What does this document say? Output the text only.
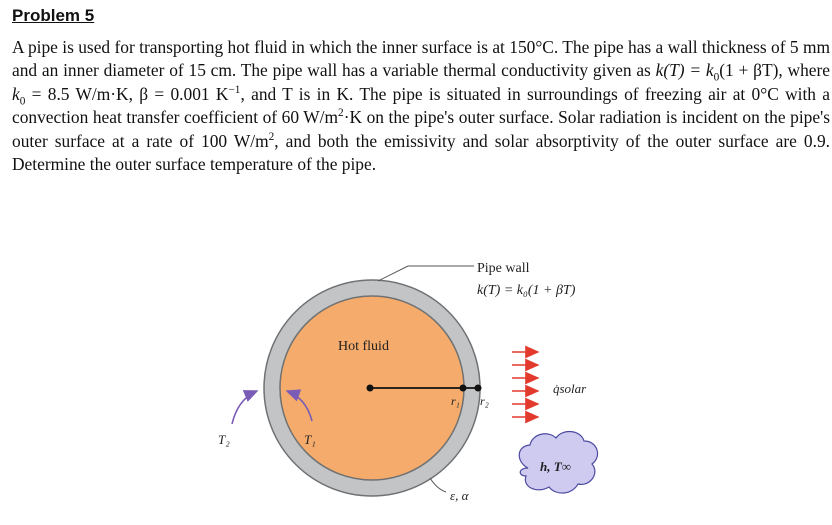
Problem 5
A pipe is used for transporting hot fluid in which the inner surface is at 150°C. The pipe has a wall thickness of 5 mm and an inner diameter of 15 cm. The pipe wall has a variable thermal conductivity given as $k(T) = k_0(1 + \beta T)$, where $k_0 = 8.5$ W/m·K, β = 0.001 $K^{-1}$, and T is in K. The pipe is situated in surroundings of freezing air at 0°C with a convection heat transfer coefficient of 60 $W/m^2\cdot K$ on the pipe's outer surface. Solar radiation is incident on the pipe's outer surface at a rate of 100 $W/m^2$, and both the emissivity and solar absorptivity of the outer surface are 0.9. Determine the outer surface temperature of the pipe.
Pipe wall
k(T) = k₀(1 + βT)
Hot fluid
r₁ r₂
T₁
T₂
ε, α
q̇solar
h, T∞
